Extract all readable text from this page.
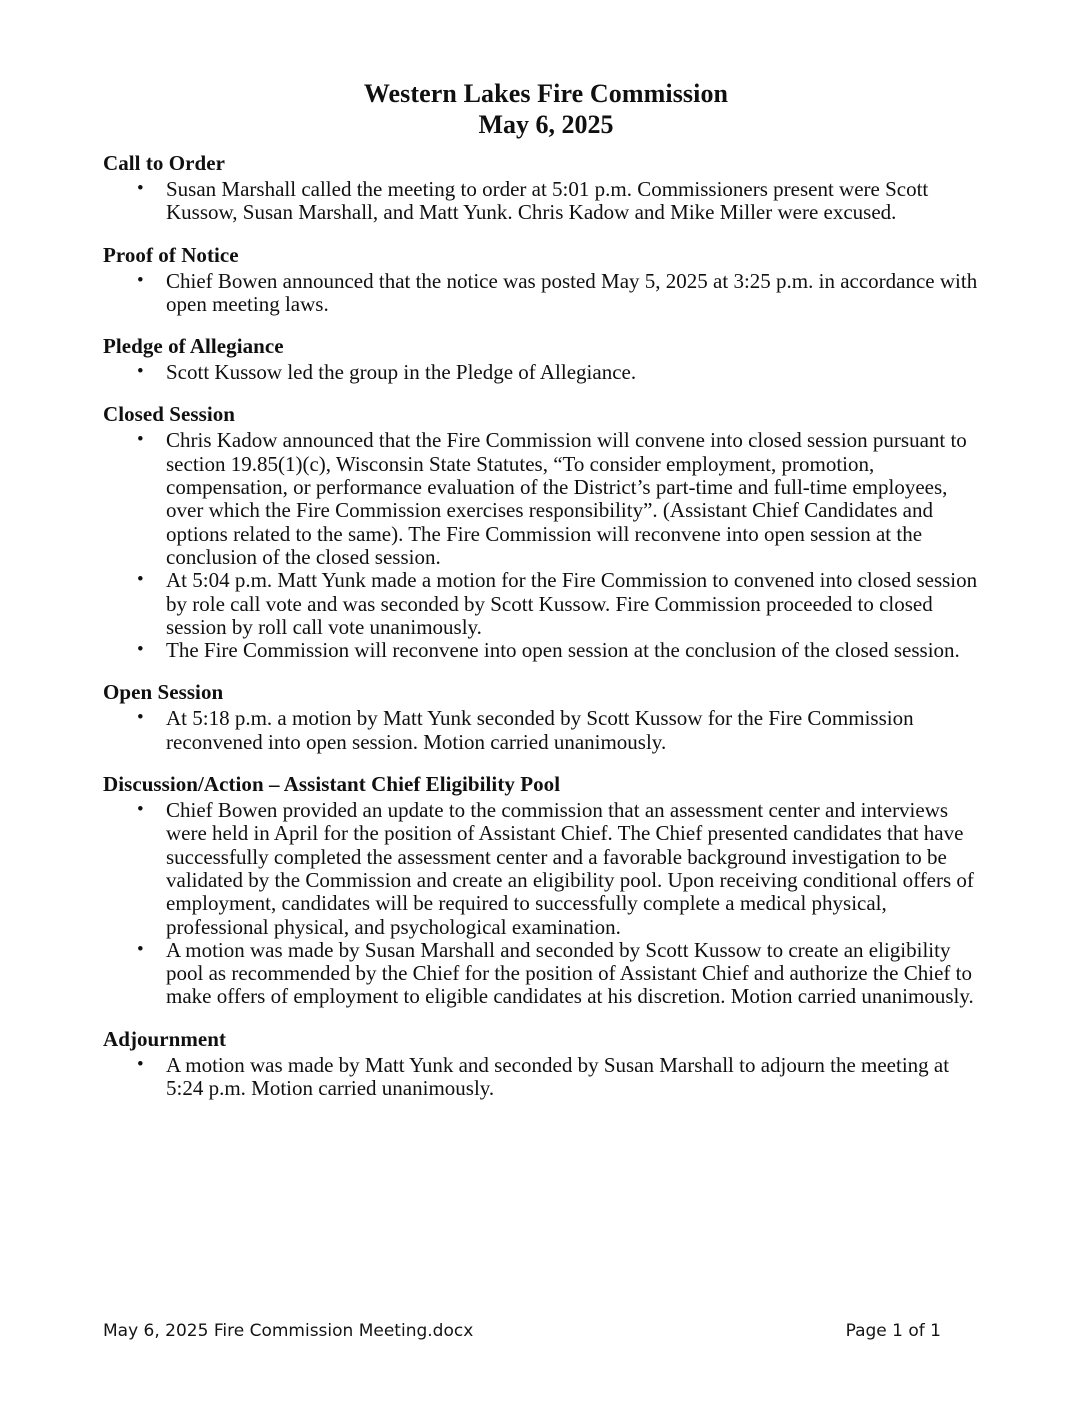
Western Lakes Fire Commission
May 6, 2025
Call to Order
• Susan Marshall called the meeting to order at 5:01 p.m. Commissioners present were Scott Kussow, Susan Marshall, and Matt Yunk. Chris Kadow and Mike Miller were excused.
Proof of Notice
• Chief Bowen announced that the notice was posted May 5, 2025 at 3:25 p.m. in accordance with open meeting laws.
Pledge of Allegiance
• Scott Kussow led the group in the Pledge of Allegiance.
Closed Session
• Chris Kadow announced that the Fire Commission will convene into closed session pursuant to section 19.85(1)(c), Wisconsin State Statutes, “To consider employment, promotion, compensation, or performance evaluation of the District’s part-time and full-time employees, over which the Fire Commission exercises responsibility”. (Assistant Chief Candidates and options related to the same). The Fire Commission will reconvene into open session at the conclusion of the closed session.
• At 5:04 p.m. Matt Yunk made a motion for the Fire Commission to convened into closed session by role call vote and was seconded by Scott Kussow. Fire Commission proceeded to closed session by roll call vote unanimously.
• The Fire Commission will reconvene into open session at the conclusion of the closed session.
Open Session
• At 5:18 p.m. a motion by Matt Yunk seconded by Scott Kussow for the Fire Commission reconvened into open session. Motion carried unanimously.
Discussion/Action – Assistant Chief Eligibility Pool
• Chief Bowen provided an update to the commission that an assessment center and interviews were held in April for the position of Assistant Chief. The Chief presented candidates that have successfully completed the assessment center and a favorable background investigation to be validated by the Commission and create an eligibility pool. Upon receiving conditional offers of employment, candidates will be required to successfully complete a medical physical, professional physical, and psychological examination.
• A motion was made by Susan Marshall and seconded by Scott Kussow to create an eligibility pool as recommended by the Chief for the position of Assistant Chief and authorize the Chief to make offers of employment to eligible candidates at his discretion. Motion carried unanimously.
Adjournment
• A motion was made by Matt Yunk and seconded by Susan Marshall to adjourn the meeting at 5:24 p.m. Motion carried unanimously.
May 6, 2025 Fire Commission Meeting.docx	Page 1 of 1
